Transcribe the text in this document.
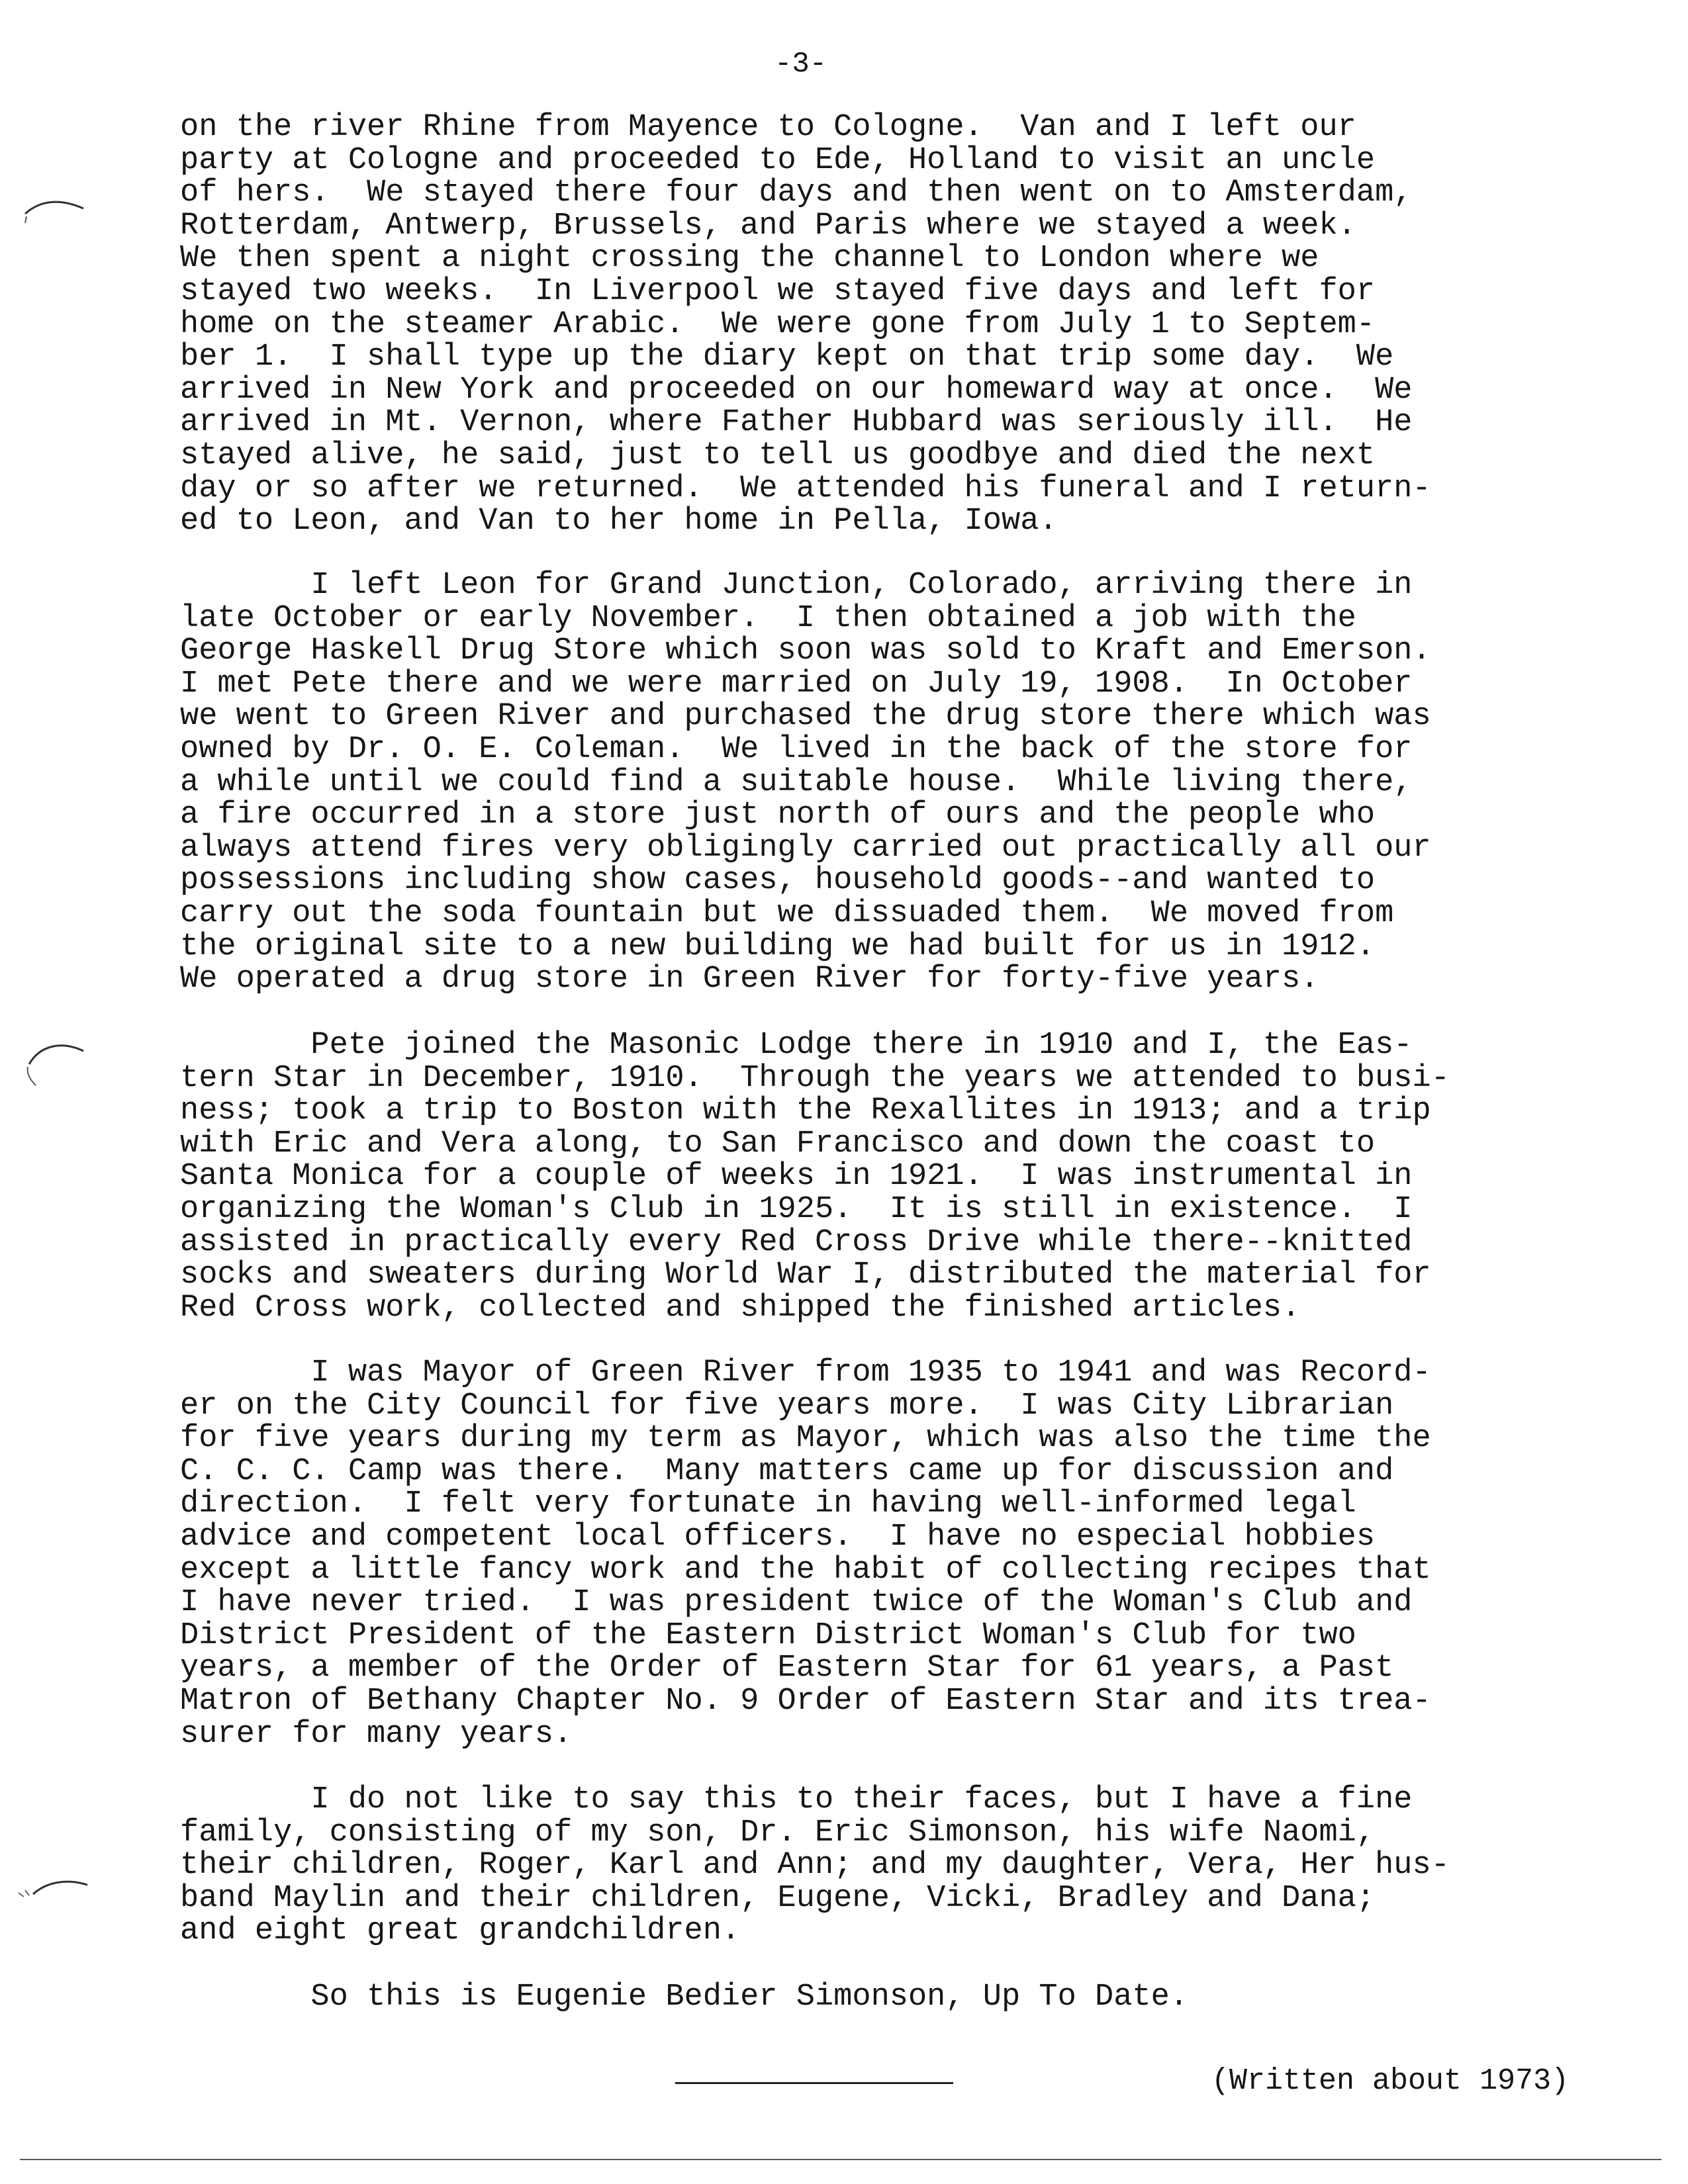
-3-

on the river Rhine from Mayence to Cologne.  Van and I left our
party at Cologne and proceeded to Ede, Holland to visit an uncle
of hers.  We stayed there four days and then went on to Amsterdam,
Rotterdam, Antwerp, Brussels, and Paris where we stayed a week.
We then spent a night crossing the channel to London where we
stayed two weeks.  In Liverpool we stayed five days and left for
home on the steamer Arabic.  We were gone from July 1 to Septem-
ber 1.  I shall type up the diary kept on that trip some day.  We
arrived in New York and proceeded on our homeward way at once.  We
arrived in Mt. Vernon, where Father Hubbard was seriously ill.  He
stayed alive, he said, just to tell us goodbye and died the next
day or so after we returned.  We attended his funeral and I return-
ed to Leon, and Van to her home in Pella, Iowa.

I left Leon for Grand Junction, Colorado, arriving there in
late October or early November.  I then obtained a job with the
George Haskell Drug Store which soon was sold to Kraft and Emerson.
I met Pete there and we were married on July 19, 1908.  In October
we went to Green River and purchased the drug store there which was
owned by Dr. O. E. Coleman.  We lived in the back of the store for
a while until we could find a suitable house.  While living there,
a fire occurred in a store just north of ours and the people who
always attend fires very obligingly carried out practically all our
possessions including show cases, household goods--and wanted to
carry out the soda fountain but we dissuaded them.  We moved from
the original site to a new building we had built for us in 1912.
We operated a drug store in Green River for forty-five years.

Pete joined the Masonic Lodge there in 1910 and I, the Eas-
tern Star in December, 1910.  Through the years we attended to busi-
ness; took a trip to Boston with the Rexallites in 1913; and a trip
with Eric and Vera along, to San Francisco and down the coast to
Santa Monica for a couple of weeks in 1921.  I was instrumental in
organizing the Woman's Club in 1925.  It is still in existence.  I
assisted in practically every Red Cross Drive while there--knitted
socks and sweaters during World War I, distributed the material for
Red Cross work, collected and shipped the finished articles.

I was Mayor of Green River from 1935 to 1941 and was Record-
er on the City Council for five years more.  I was City Librarian
for five years during my term as Mayor, which was also the time the
C. C. C. Camp was there.  Many matters came up for discussion and
direction.  I felt very fortunate in having well-informed legal
advice and competent local officers.  I have no especial hobbies
except a little fancy work and the habit of collecting recipes that
I have never tried.  I was president twice of the Woman's Club and
District President of the Eastern District Woman's Club for two
years, a member of the Order of Eastern Star for 61 years, a Past
Matron of Bethany Chapter No. 9 Order of Eastern Star and its trea-
surer for many years.

I do not like to say this to their faces, but I have a fine
family, consisting of my son, Dr. Eric Simonson, his wife Naomi,
their children, Roger, Karl and Ann; and my daughter, Vera, Her hus-
band Maylin and their children, Eugene, Vicki, Bradley and Dana;
and eight great grandchildren.

So this is Eugenie Bedier Simonson, Up To Date.

(Written about 1973)
